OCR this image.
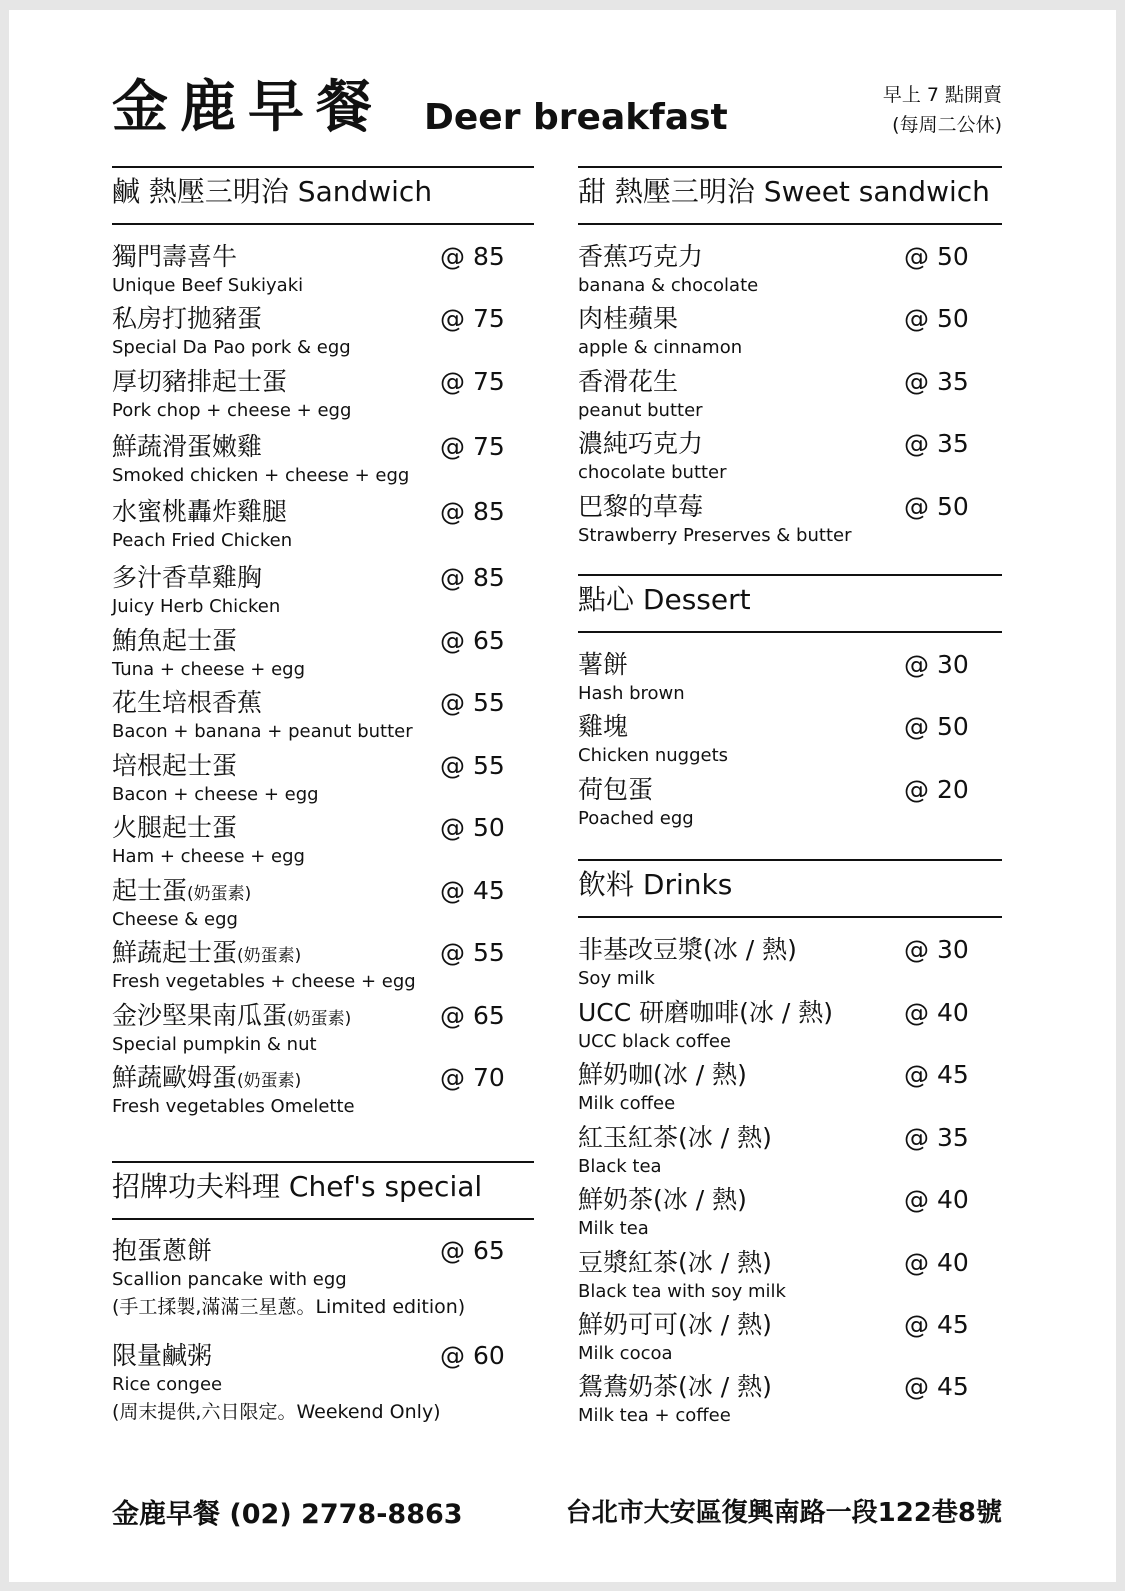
金鹿早餐 Deer breakfast
早上 7 點開賣
(每周二公休)
鹹 熱壓三明治 Sandwich
招牌功夫料理 Chef's special
獨門壽喜牛	@ 85
Unique Beef Sukiyaki
私房打拋豬蛋	@ 75
Special Da Pao pork & egg
厚切豬排起士蛋	@ 75
Pork chop + cheese + egg
鮮蔬滑蛋嫩雞	@ 75
Smoked chicken + cheese + egg
水蜜桃轟炸雞腿	@ 85
Peach Fried Chicken
多汁香草雞胸	@ 85
Juicy Herb Chicken
鮪魚起士蛋	@ 65
Tuna + cheese + egg
花生培根香蕉	@ 55
Bacon + banana + peanut butter
培根起士蛋	@ 55
Bacon + cheese + egg
火腿起士蛋	@ 50
Ham + cheese + egg
起士蛋(奶蛋素)	@ 45
Cheese & egg
鮮蔬起士蛋(奶蛋素)	@ 55
Fresh vegetables + cheese + egg
金沙堅果南瓜蛋(奶蛋素)	@ 65
Special pumpkin & nut
鮮蔬歐姆蛋(奶蛋素)	@ 70
Fresh vegetables Omelette
抱蛋蔥餅	@ 65
Scallion pancake with egg
(手工揉製,滿滿三星蔥。Limited edition)
限量鹹粥	@ 60
Rice congee
(周末提供,六日限定。Weekend Only)
甜 熱壓三明治 Sweet sandwich
點心 Dessert
飲料 Drinks
香蕉巧克力	@ 50
banana & chocolate
肉桂蘋果	@ 50
apple & cinnamon
香滑花生	@ 35
peanut butter
濃純巧克力	@ 35
chocolate butter
巴黎的草莓	@ 50
Strawberry Preserves & butter
薯餅	@ 30
Hash brown
雞塊	@ 50
Chicken nuggets
荷包蛋	@ 20
Poached egg
非基改豆漿(冰 / 熱)	@ 30
Soy milk
UCC 研磨咖啡(冰 / 熱)	@ 40
UCC black coffee
鮮奶咖(冰 / 熱)	@ 45
Milk coffee
紅玉紅茶(冰 / 熱)	@ 35
Black tea
鮮奶茶(冰 / 熱)	@ 40
Milk tea
豆漿紅茶(冰 / 熱)	@ 40
Black tea with soy milk
鮮奶可可(冰 / 熱)	@ 45
Milk cocoa
鴛鴦奶茶(冰 / 熱)	@ 45
Milk tea + coffee
金鹿早餐 (02) 2778-8863	台北市大安區復興南路一段122巷8號
